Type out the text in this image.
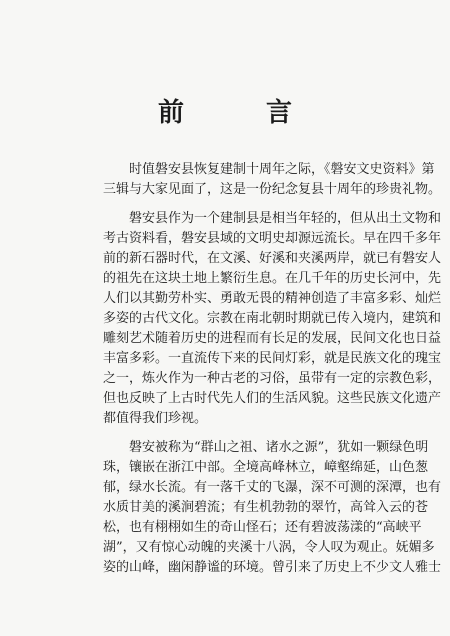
前　言
时值磐安县恢复建制十周年之际，《磐安文史资料》第
三辑与大家见面了，这是一份纪念复县十周年的珍贵礼物。
磐安县作为一个建制县是相当年轻的，但从出土文物和
考古资料看，磐安县域的文明史却源远流长。早在四千多年
前的新石器时代，在文溪、好溪和夹溪两岸，就已有磐安人
的祖先在这块土地上繁衍生息。在几千年的历史长河中，先
人们以其勤劳朴实、勇敢无畏的精神创造了丰富多彩、灿烂
多姿的古代文化。宗教在南北朝时期就已传入境内，建筑和
雕刻艺术随着历史的进程而有长足的发展，民间文化也日益
丰富多彩。一直流传下来的民间灯彩，就是民族文化的瑰宝
之一，炼火作为一种古老的习俗，虽带有一定的宗教色彩，
但也反映了上古时代先人们的生活风貌。这些民族文化遗产
都值得我们珍视。
磐安被称为“群山之祖、诸水之源”，犹如一颗绿色明
珠，镶嵌在浙江中部。全境高峰林立，嶂壑绵延，山色葱
郁，绿水长流。有一落千丈的飞瀑，深不可测的深潭，也有
水质甘美的溪涧碧流；有生机勃勃的翠竹，高耸入云的苍
松，也有栩栩如生的奇山怪石；还有碧波荡漾的“高峡平
湖”，又有惊心动魄的夹溪十八涡，令人叹为观止。妩媚多
姿的山峰，幽闲静谧的环境。曾引来了历史上不少文人雅士
